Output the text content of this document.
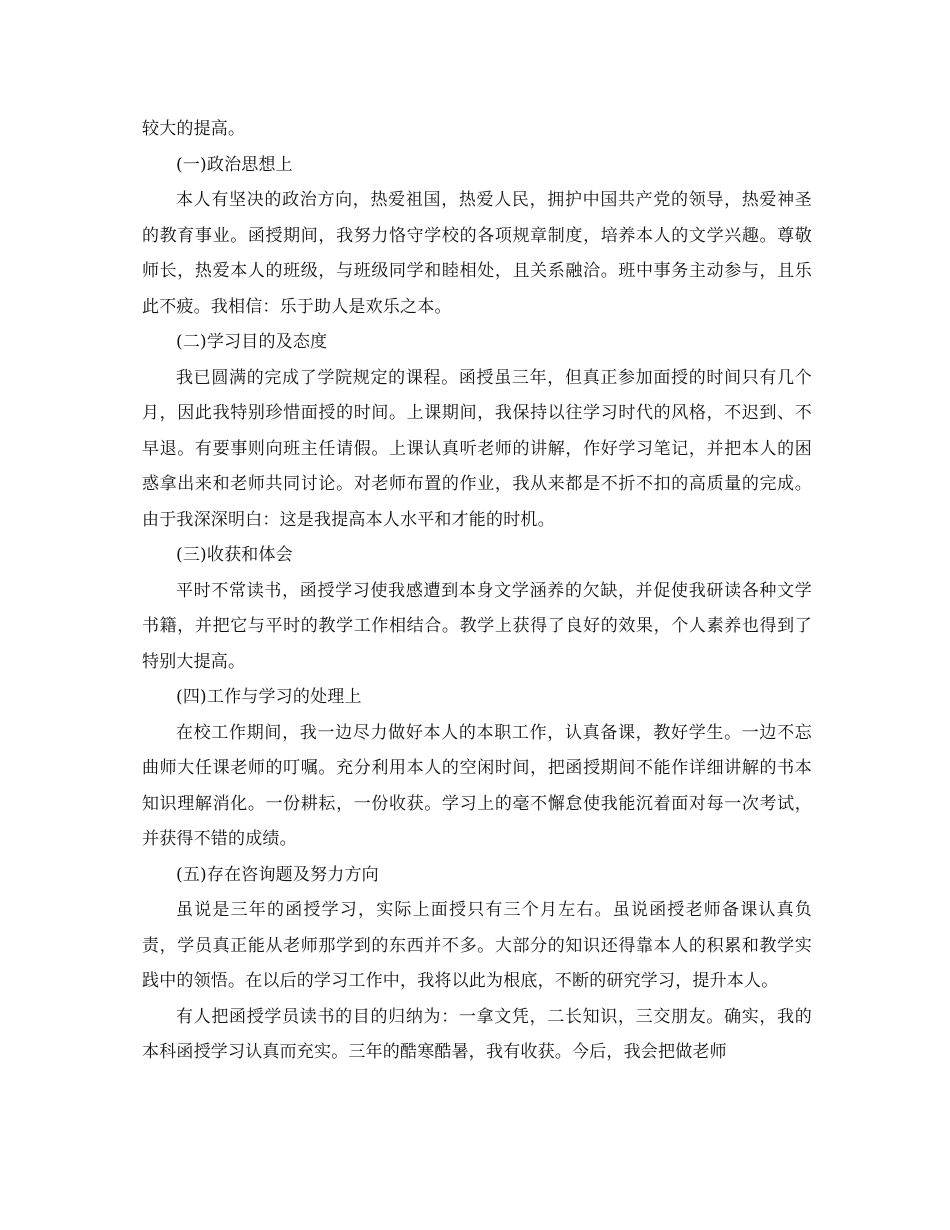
较大的提高。
(一)政治思想上
本人有坚决的政治方向，热爱祖国，热爱人民，拥护中国共产党的领导，热爱神圣的教育事业。函授期间，我努力恪守学校的各项规章制度，培养本人的文学兴趣。尊敬师长，热爱本人的班级，与班级同学和睦相处，且关系融洽。班中事务主动参与，且乐此不疲。我相信：乐于助人是欢乐之本。
(二)学习目的及态度
我已圆满的完成了学院规定的课程。函授虽三年，但真正参加面授的时间只有几个月，因此我特别珍惜面授的时间。上课期间，我保持以往学习时代的风格，不迟到、不早退。有要事则向班主任请假。上课认真听老师的讲解，作好学习笔记，并把本人的困惑拿出来和老师共同讨论。对老师布置的作业，我从来都是不折不扣的高质量的完成。由于我深深明白：这是我提高本人水平和才能的时机。
(三)收获和体会
平时不常读书，函授学习使我感遭到本身文学涵养的欠缺，并促使我研读各种文学书籍，并把它与平时的教学工作相结合。教学上获得了良好的效果，个人素养也得到了特别大提高。
(四)工作与学习的处理上
在校工作期间，我一边尽力做好本人的本职工作，认真备课，教好学生。一边不忘曲师大任课老师的叮嘱。充分利用本人的空闲时间，把函授期间不能作详细讲解的书本知识理解消化。一份耕耘，一份收获。学习上的毫不懈怠使我能沉着面对每一次考试，并获得不错的成绩。
(五)存在咨询题及努力方向
虽说是三年的函授学习，实际上面授只有三个月左右。虽说函授老师备课认真负责，学员真正能从老师那学到的东西并不多。大部分的知识还得靠本人的积累和教学实践中的领悟。在以后的学习工作中，我将以此为根底，不断的研究学习，提升本人。
有人把函授学员读书的目的归纳为：一拿文凭，二长知识，三交朋友。确实，我的本科函授学习认真而充实。三年的酷寒酷暑，我有收获。今后，我会把做老师
